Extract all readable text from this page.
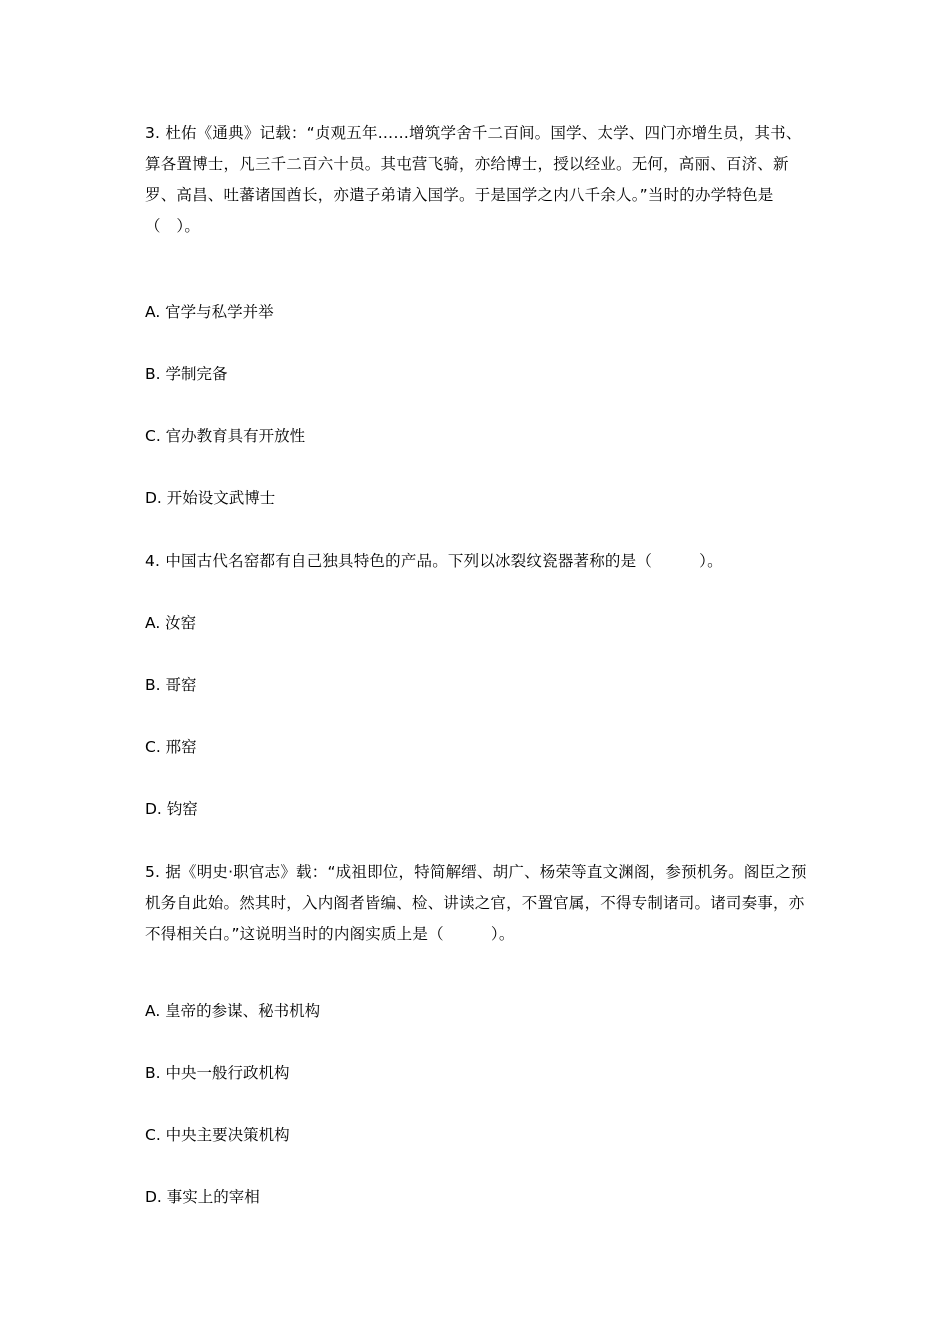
3. 杜佑《通典》记载：“贞观五年……增筑学舍千二百间。国学、太学、四门亦增生员，其书、算各置博士，凡三千二百六十员。其屯营飞骑，亦给博士，授以经业。无何，高丽、百济、新罗、高昌、吐蕃诸国酋长，亦遣子弟请入国学。于是国学之内八千余人。”当时的办学特色是（　）。

A. 官学与私学并举

B. 学制完备

C. 官办教育具有开放性

D. 开始设文武博士

4. 中国古代名窑都有自己独具特色的产品。下列以冰裂纹瓷器著称的是（　　　）。

A. 汝窑

B. 哥窑

C. 邢窑

D. 钧窑

5. 据《明史·职官志》载：“成祖即位，特简解缙、胡广、杨荣等直文渊阁，参预机务。阁臣之预机务自此始。然其时，入内阁者皆编、检、讲读之官，不置官属，不得专制诸司。诸司奏事，亦不得相关白。”这说明当时的内阁实质上是（　　　）。

A. 皇帝的参谋、秘书机构

B. 中央一般行政机构

C. 中央主要决策机构

D. 事实上的宰相
